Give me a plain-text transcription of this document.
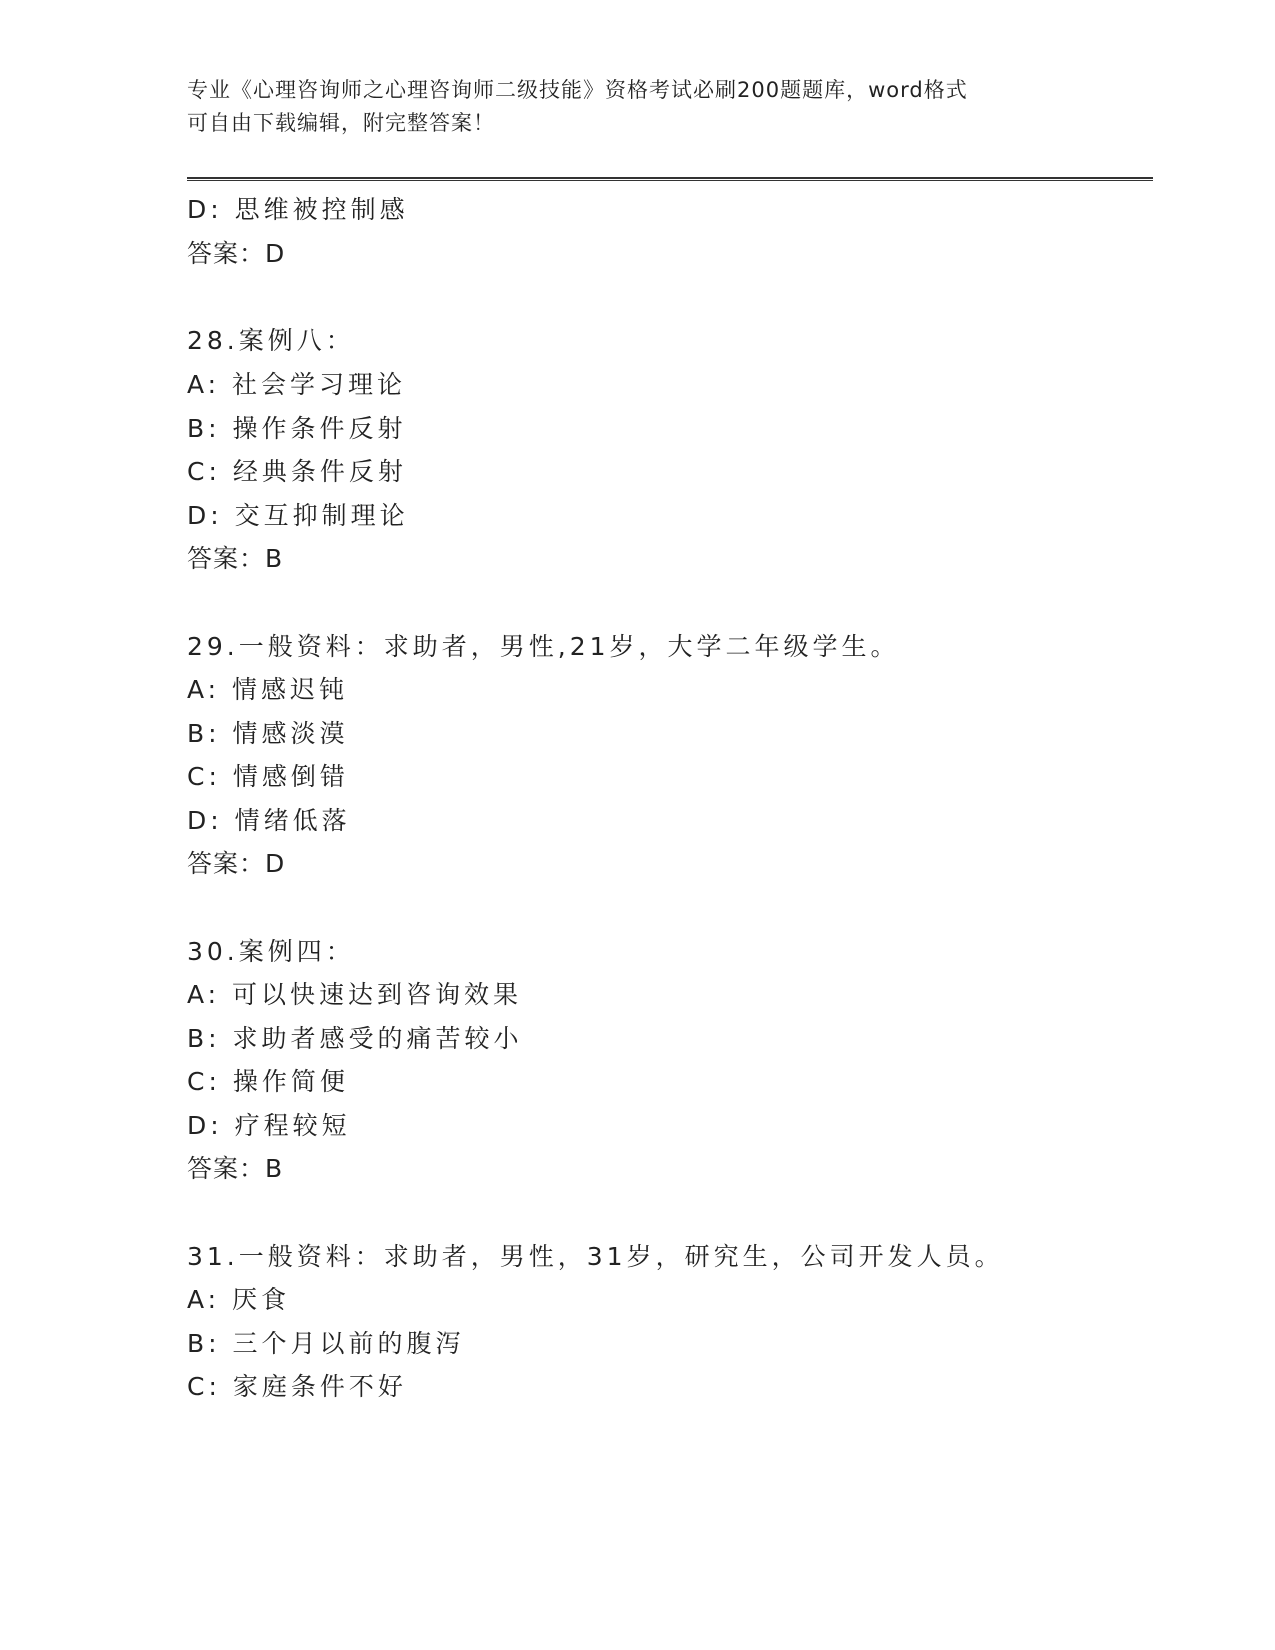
专业《心理咨询师之心理咨询师二级技能》资格考试必刷200题题库，word格式
可自由下载编辑，附完整答案！
D: 思维被控制感
答案：D
28.案例八：
A: 社会学习理论
B: 操作条件反射
C: 经典条件反射
D: 交互抑制理论
答案：B
29.一般资料：求助者，男性,21岁，大学二年级学生。
A: 情感迟钝
B: 情感淡漠
C: 情感倒错
D: 情绪低落
答案：D
30.案例四：
A: 可以快速达到咨询效果
B: 求助者感受的痛苦较小
C: 操作简便
D: 疗程较短
答案：B
31.一般资料：求助者，男性，31岁，研究生，公司开发人员。
A: 厌食
B: 三个月以前的腹泻
C: 家庭条件不好
